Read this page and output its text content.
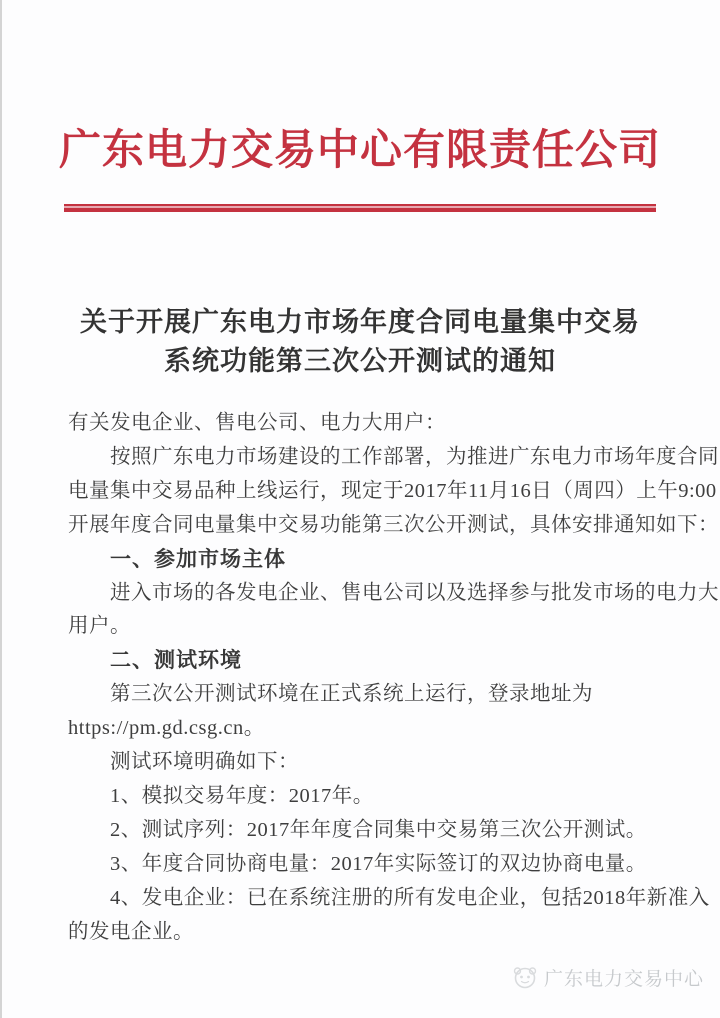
广东电力交易中心有限责任公司
关于开展广东电力市场年度合同电量集中交易
系统功能第三次公开测试的通知
有关发电企业、售电公司、电力大用户：
按照广东电力市场建设的工作部署，为推进广东电力市场年度合同
电量集中交易品种上线运行，现定于2017年11月16日（周四）上午9:00
开展年度合同电量集中交易功能第三次公开测试，具体安排通知如下：
一、参加市场主体
进入市场的各发电企业、售电公司以及选择参与批发市场的电力大
用户。
二、测试环境
第三次公开测试环境在正式系统上运行，登录地址为
https://pm.gd.csg.cn。
测试环境明确如下：
1、模拟交易年度：2017年。
2、测试序列：2017年年度合同集中交易第三次公开测试。
3、年度合同协商电量：2017年实际签订的双边协商电量。
4、发电企业：已在系统注册的所有发电企业，包括2018年新准入
的发电企业。
广东电力交易中心
